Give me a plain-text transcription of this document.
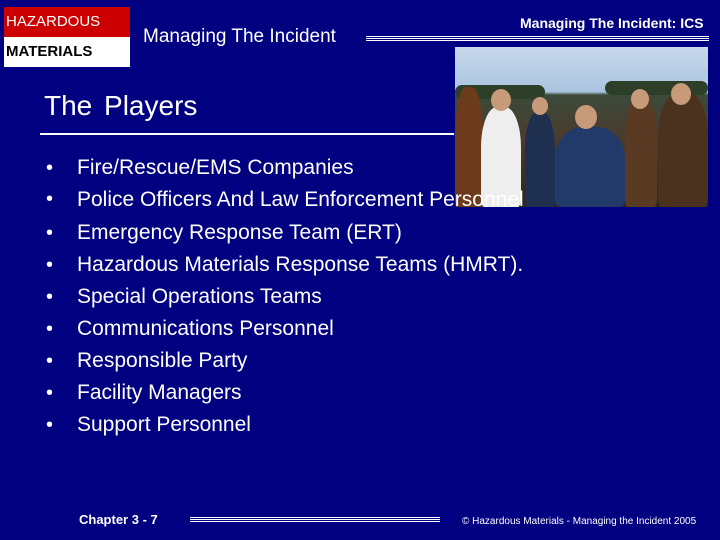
HAZARDOUS
MATERIALS
Managing The Incident
Managing The Incident: ICS
The Players
• Fire/Rescue/EMS Companies
• Police Officers And Law Enforcement Personnel
• Emergency Response Team (ERT)
• Hazardous Materials Response Teams (HMRT).
• Special Operations Teams
• Communications Personnel
• Responsible Party
• Facility Managers
• Support Personnel
Chapter 3 - 7	© Hazardous Materials - Managing the Incident 2005
